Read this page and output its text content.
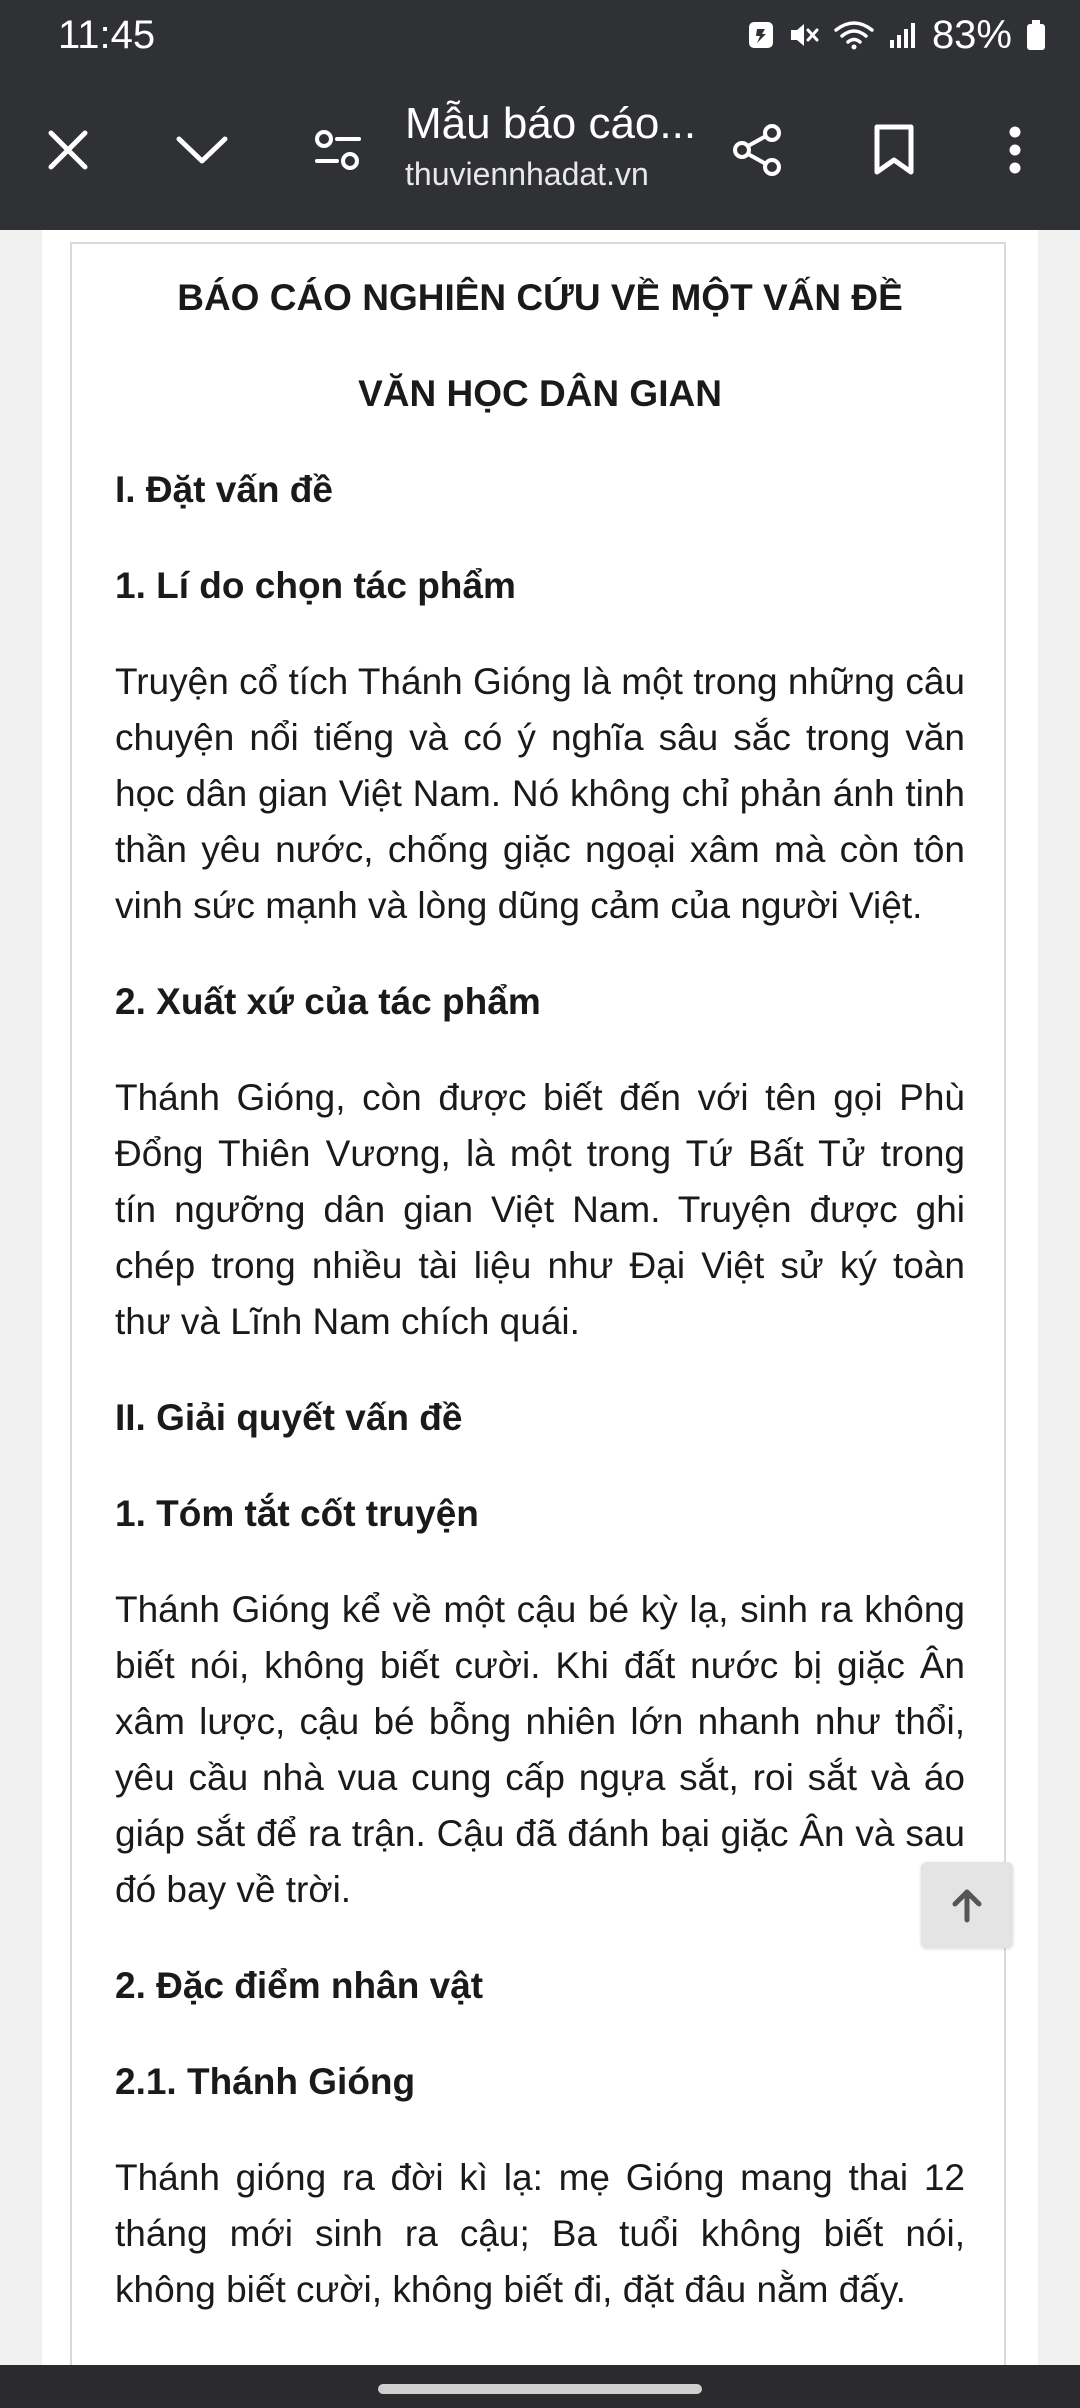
11:45	83%
Mẫu báo cáo...
thuviennhadat.vn
BÁO CÁO NGHIÊN CỨU VỀ MỘT VẤN ĐỀ
VĂN HỌC DÂN GIAN
I. Đặt vấn đề
1. Lí do chọn tác phẩm

Truyện cổ tích Thánh Gióng là một trong những câu chuyện nổi tiếng và có ý nghĩa sâu sắc trong văn học dân gian Việt Nam. Nó không chỉ phản ánh tinh thần yêu nước, chống giặc ngoại xâm mà còn tôn vinh sức mạnh và lòng dũng cảm của người Việt.

2. Xuất xứ của tác phẩm

Thánh Gióng, còn được biết đến với tên gọi Phù Đổng Thiên Vương, là một trong Tứ Bất Tử trong tín ngưỡng dân gian Việt Nam. Truyện được ghi chép trong nhiều tài liệu như Đại Việt sử ký toàn thư và Lĩnh Nam chích quái.

II. Giải quyết vấn đề
1. Tóm tắt cốt truyện

Thánh Gióng kể về một cậu bé kỳ lạ, sinh ra không biết nói, không biết cười. Khi đất nước bị giặc Ân xâm lược, cậu bé bỗng nhiên lớn nhanh như thổi, yêu cầu nhà vua cung cấp ngựa sắt, roi sắt và áo giáp sắt để ra trận. Cậu đã đánh bại giặc Ân và sau đó bay về trời.

2. Đặc điểm nhân vật
2.1. Thánh Gióng

Thánh gióng ra đời kì lạ: mẹ Gióng mang thai 12 tháng mới sinh ra cậu; Ba tuổi không biết nói, không biết cười, không biết đi, đặt đâu nằm đấy.
